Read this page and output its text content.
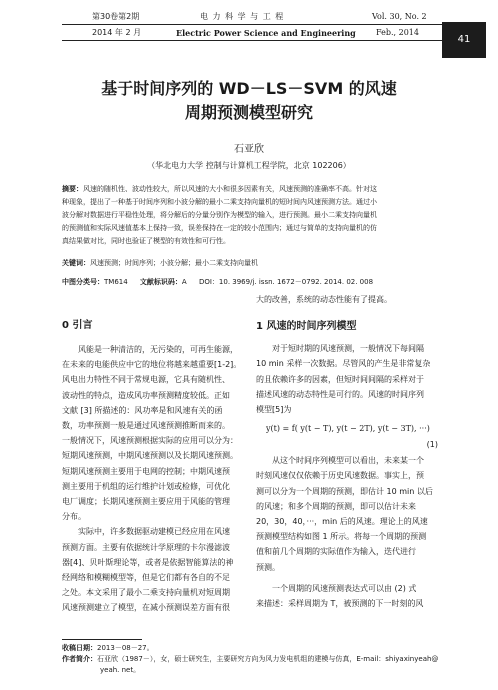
第30卷第2期	电 力 科 学 与 工 程	Vol. 30, No. 2
2014 年 2 月	Electric Power Science and Engineering	Feb., 2014
41
基于时间序列的 WD－LS－SVM 的风速
周期预测模型研究
石亚欣
（华北电力大学 控制与计算机工程学院，北京 102206）
摘要：风速的随机性、波动性较大，所以风速的大小和很多因素有关，风速预测的准确率不高。针对这
种现象，提出了一种基于时间序列和小波分解的最小二乘支持向量机的短时间内风速预测方法。通过小
波分解对数据进行平稳性处理，将分解后的分量分别作为模型的输入，进行预测。最小二乘支持向量机
的预测值和实际风速值基本上保持一致，误差保持在一定的较小范围内；通过与简单的支持向量机的仿
真结果做对比，同时也验证了模型的有效性和可行性。
关键词：风速预测；时间序列；小波分解；最小二乘支持向量机
中图分类号：TM614 文献标识码：A DOI：10. 3969/j. issn. 1672－0792. 2014. 02. 008
0 引言
风能是一种清洁的，无污染的，可再生能源，
在未来的电能供应中它的地位将越来越重要[1-2]。
风电出力特性不同于常规电源，它具有随机性、
波动性的特点，造成风功率预测精度较低。正如
文献 [3] 所描述的：风功率是和风速有关的函
数，功率预测一般是通过风速预测推断而来的。
一般情况下，风速预测根据实际的应用可以分为：
短期风速预测，中期风速预测以及长期风速预测。
短期风速预测主要用于电网的控制；中期风速预
测主要用于机组的运行维护计划或检修，可优化
电厂调度；长期风速预测主要应用于风能的管理
分布。
实际中，许多数据驱动建模已经应用在风速
预测方面。主要有依据统计学原理的卡尔漫滤波
器[4]、贝叶斯理论等，或者是依据智能算法的神
经网络和模糊模型等，但是它们都有各自的不足
之处。本文采用了最小二乘支持向量机对短周期
风速预测建立了模型，在减小预测误差方面有很
大的改善，系统的动态性能有了提高。
1 风速的时间序列模型
对于短时期的风速预测，一般情况下每间隔
10 min 采样一次数据。尽管风的产生是非常复杂
的且依赖许多的因素，但短时间间隔的采样对于
描述风速的动态特性是可行的。风速的时间序列
模型[5]为
y(t) = f( y(t − T), y(t − 2T), y(t − 3T), ···)
(1)
从这个时间序列模型可以看出，未来某一个
时刻风速仅仅依赖于历史风速数据。事实上，预
测可以分为一个周期的预测，即估计 10 min 以后
的风速；和多个周期的预测，即可以估计未来
20，30，40，···，min 后的风速。理论上的风速
预测模型结构如图 1 所示。将每一个周期的预测
值和前几个周期的实际值作为输入，迭代进行
预测。
一个周期的风速预测表达式可以由 (2) 式
来描述：采样周期为 T，被预测的下一时刻的风
收稿日期：2013－08－27。
作者简介：石亚欣（1987－），女，硕士研究生，主要研究方向为风力发电机组的建模与仿真，E-mail：shiyaxinyeah@
yeah. net。
